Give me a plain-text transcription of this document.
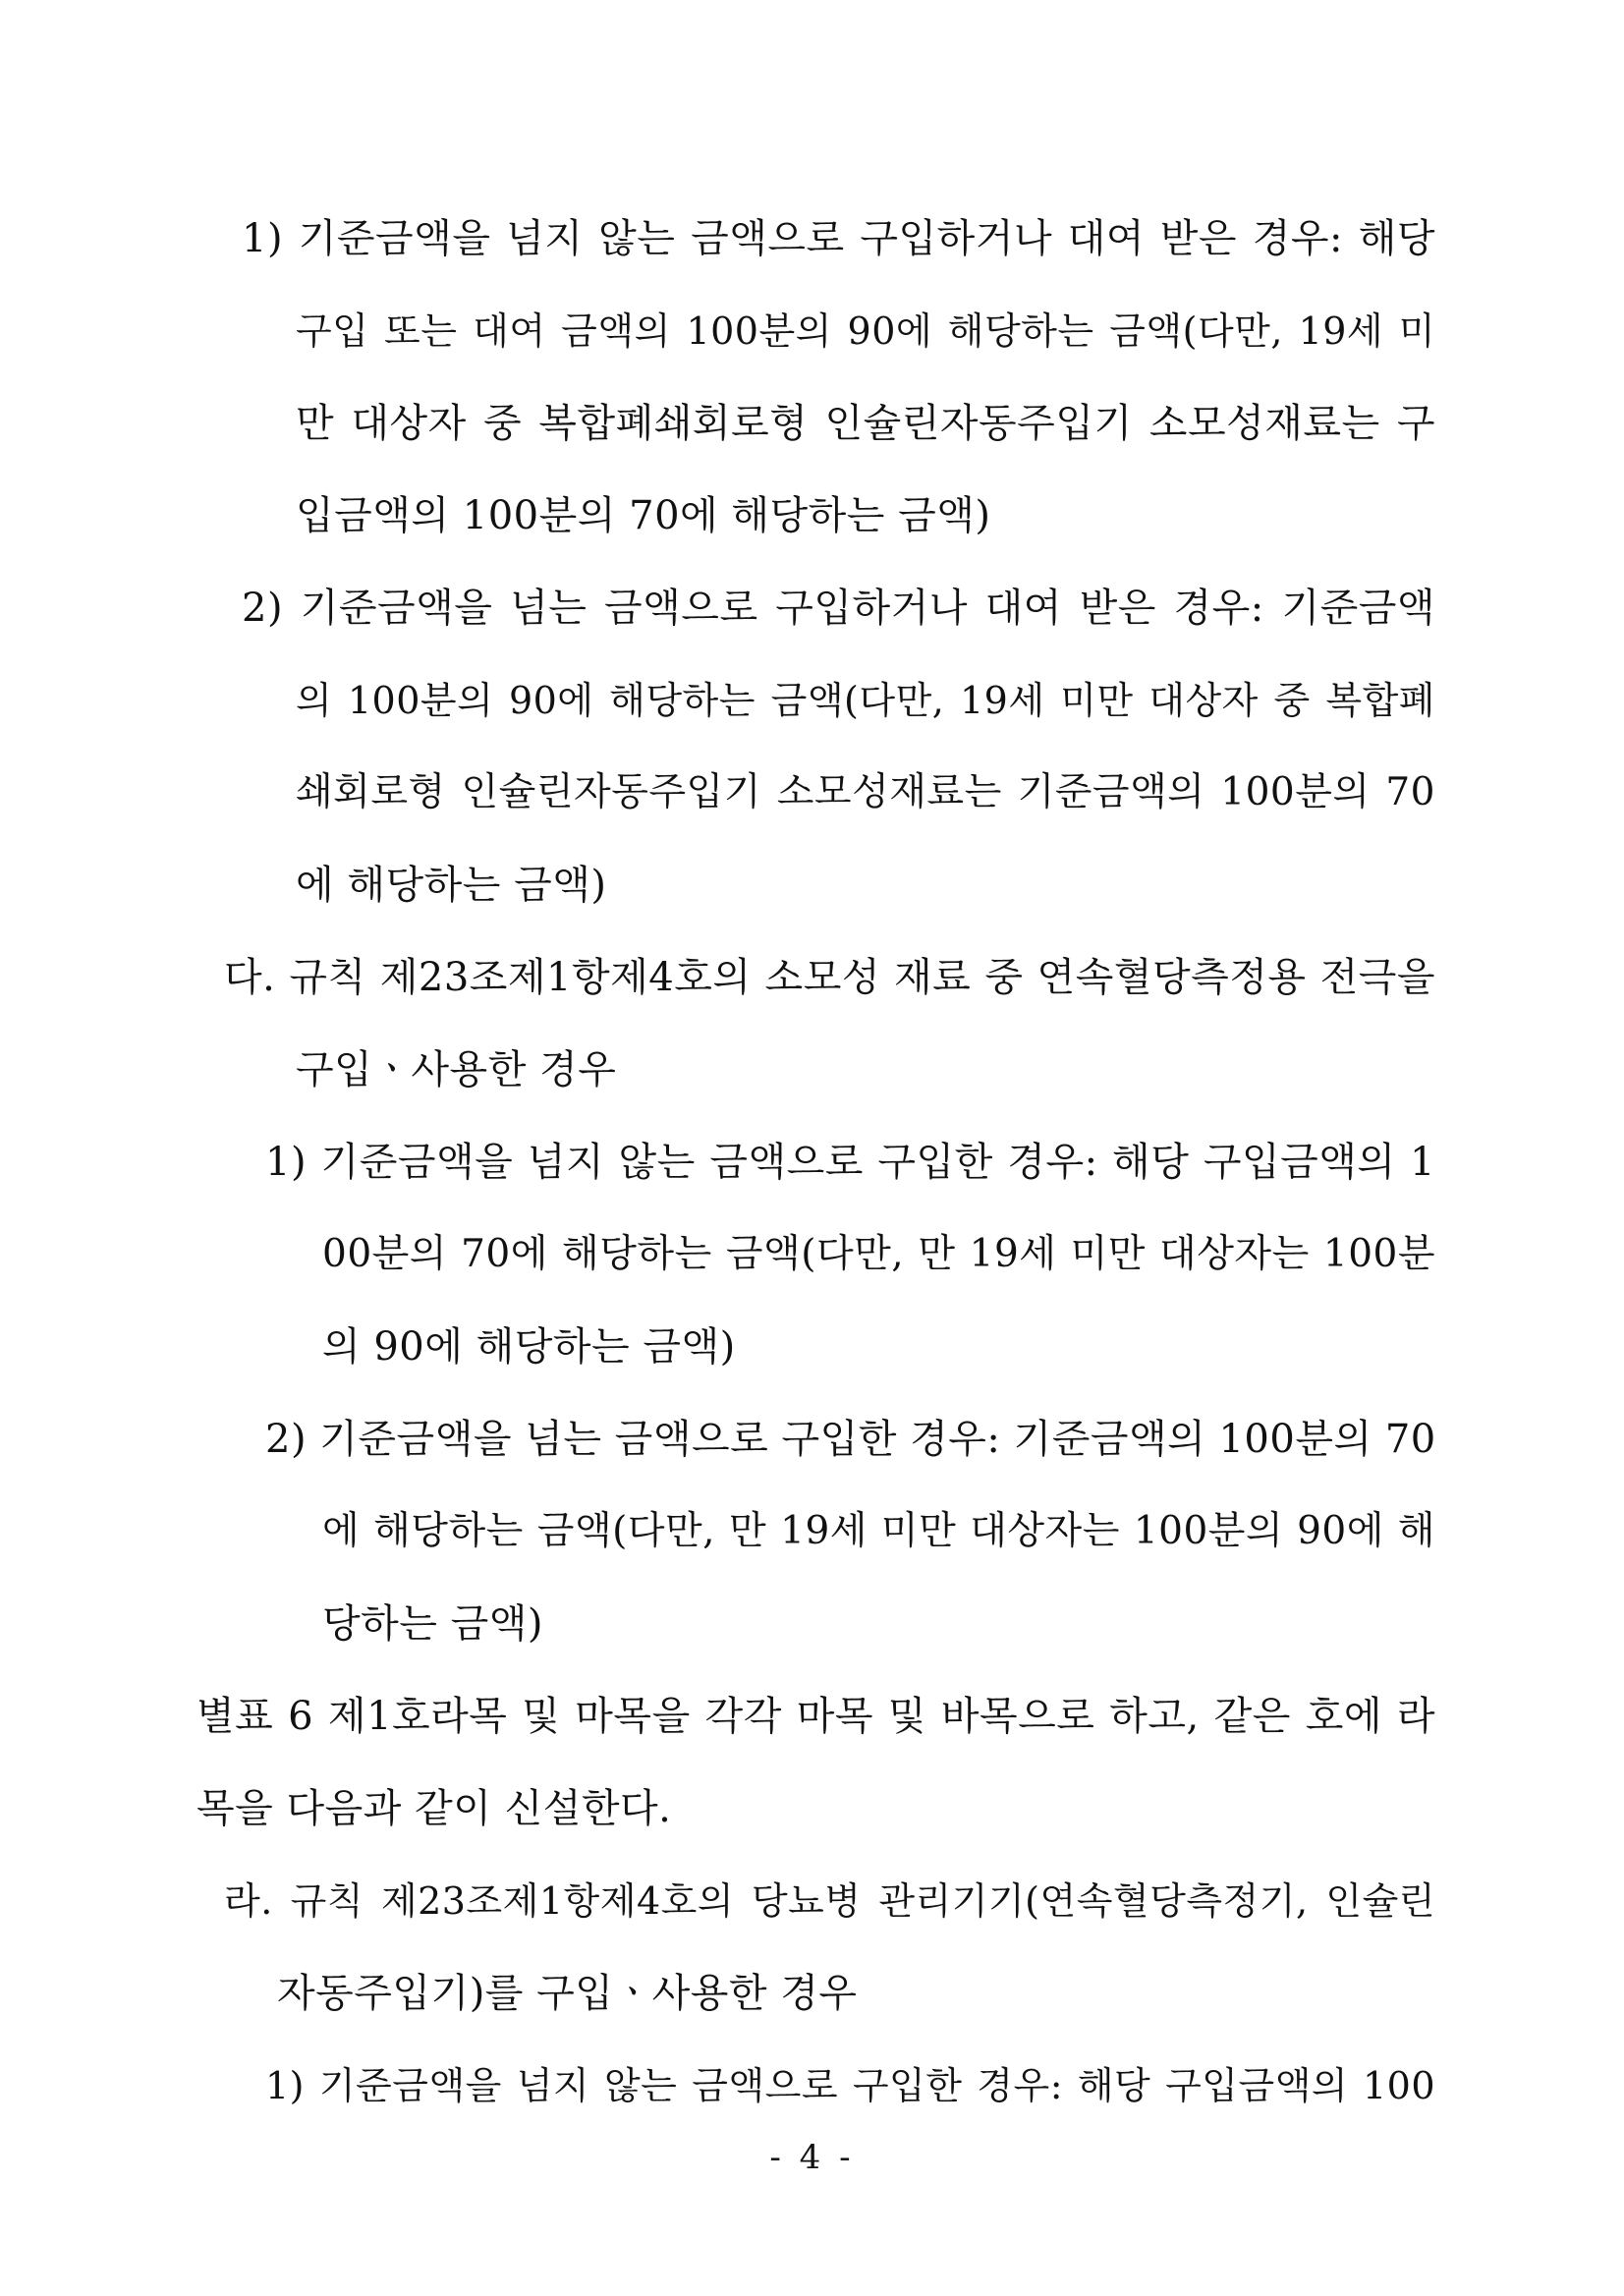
1) 기준금액을 넘지 않는 금액으로 구입하거나 대여 받은 경우: 해당
구입 또는 대여 금액의 100분의 90에 해당하는 금액(다만, 19세 미
만 대상자 중 복합폐쇄회로형 인슐린자동주입기 소모성재료는 구
입금액의 100분의 70에 해당하는 금액)
2) 기준금액을 넘는 금액으로 구입하거나 대여 받은 경우: 기준금액
의 100분의 90에 해당하는 금액(다만, 19세 미만 대상자 중 복합폐
쇄회로형 인슐린자동주입기 소모성재료는 기준금액의 100분의 70
에 해당하는 금액)
다. 규칙 제23조제1항제4호의 소모성 재료 중 연속혈당측정용 전극을
구입ㆍ사용한 경우
1) 기준금액을 넘지 않는 금액으로 구입한 경우: 해당 구입금액의 1
00분의 70에 해당하는 금액(다만, 만 19세 미만 대상자는 100분
의 90에 해당하는 금액)
2) 기준금액을 넘는 금액으로 구입한 경우: 기준금액의 100분의 70
에 해당하는 금액(다만, 만 19세 미만 대상자는 100분의 90에 해
당하는 금액)
별표 6 제1호라목 및 마목을 각각 마목 및 바목으로 하고, 같은 호에 라
목을 다음과 같이 신설한다.
라. 규칙 제23조제1항제4호의 당뇨병 관리기기(연속혈당측정기, 인슐린
자동주입기)를 구입ㆍ사용한 경우
1) 기준금액을 넘지 않는 금액으로 구입한 경우: 해당 구입금액의 100
- 4 -
